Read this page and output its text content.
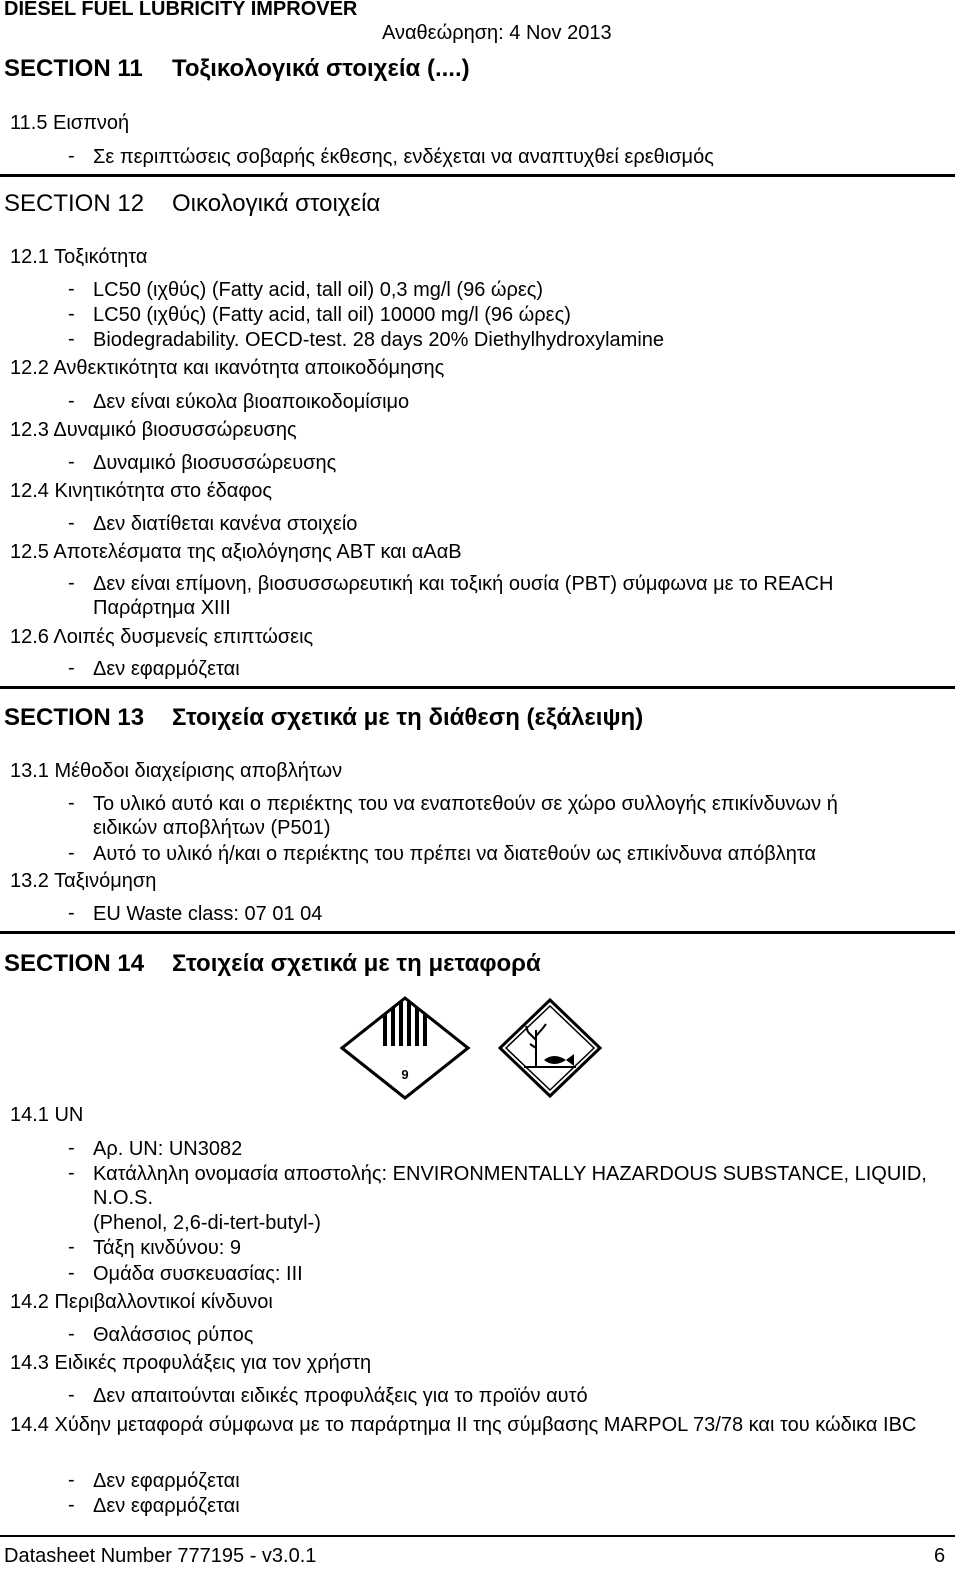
DIESEL FUEL LUBRICITY IMPROVER
Αναθεώρηση: 4 Nov 2013
SECTION 11 Τοξικολογικά στοιχεία (....)
11.5 Εισπνοή
- Σε περιπτώσεις σοβαρής έκθεσης, ενδέχεται να αναπτυχθεί ερεθισμός
SECTION 12 Οικολογικά στοιχεία
12.1 Τοξικότητα
- LC50 (ιχθύς) (Fatty acid, tall oil) 0,3 mg/l (96 ώρες)
- LC50 (ιχθύς) (Fatty acid, tall oil) 10000 mg/l (96 ώρες)
- Biodegradability. OECD-test. 28 days 20% Diethylhydroxylamine
12.2 Ανθεκτικότητα και ικανότητα αποικοδόμησης
- Δεν είναι εύκολα βιοαποικοδομίσιμο
12.3 Δυναμικό βιοσυσσώρευσης
- Δυναμικό βιοσυσσώρευσης
12.4 Κινητικότητα στο έδαφος
- Δεν διατίθεται κανένα στοιχείο
12.5 Αποτελέσματα της αξιολόγησης ΑΒΤ και αΑαΒ
- Δεν είναι επίμονη, βιοσυσσωρευτική και τοξική ουσία (PBT) σύμφωνα με το REACH Παράρτημα XIII
12.6 Λοιπές δυσμενείς επιπτώσεις
- Δεν εφαρμόζεται
SECTION 13 Στοιχεία σχετικά με τη διάθεση (εξάλειψη)
13.1 Μέθοδοι διαχείρισης αποβλήτων
- Το υλικό αυτό και ο περιέκτης του να εναποτεθούν σε χώρο συλλογής επικίνδυνων ή ειδικών αποβλήτων (P501)
- Αυτό το υλικό ή/και ο περιέκτης του πρέπει να διατεθούν ως επικίνδυνα απόβλητα
13.2 Ταξινόμηση
- EU Waste class: 07 01 04
SECTION 14 Στοιχεία σχετικά με τη μεταφορά
9
14.1 UN
- Αρ. UN: UN3082
- Κατάλληλη ονομασία αποστολής: ENVIRONMENTALLY HAZARDOUS SUBSTANCE, LIQUID, N.O.S.
(Phenol, 2,6-di-tert-butyl-)
- Τάξη κινδύνου: 9
- Ομάδα συσκευασίας: III
14.2 Περιβαλλοντικοί κίνδυνοι
- Θαλάσσιος ρύπος
14.3 Ειδικές προφυλάξεις για τον χρήστη
- Δεν απαιτούνται ειδικές προφυλάξεις για το προϊόν αυτό
14.4 Χύδην μεταφορά σύμφωνα με το παράρτημα II της σύμβασης MARPOL 73/78 και του κώδικα IBC
- Δεν εφαρμόζεται
- Δεν εφαρμόζεται
Datasheet Number 777195 - v3.0.1	6
